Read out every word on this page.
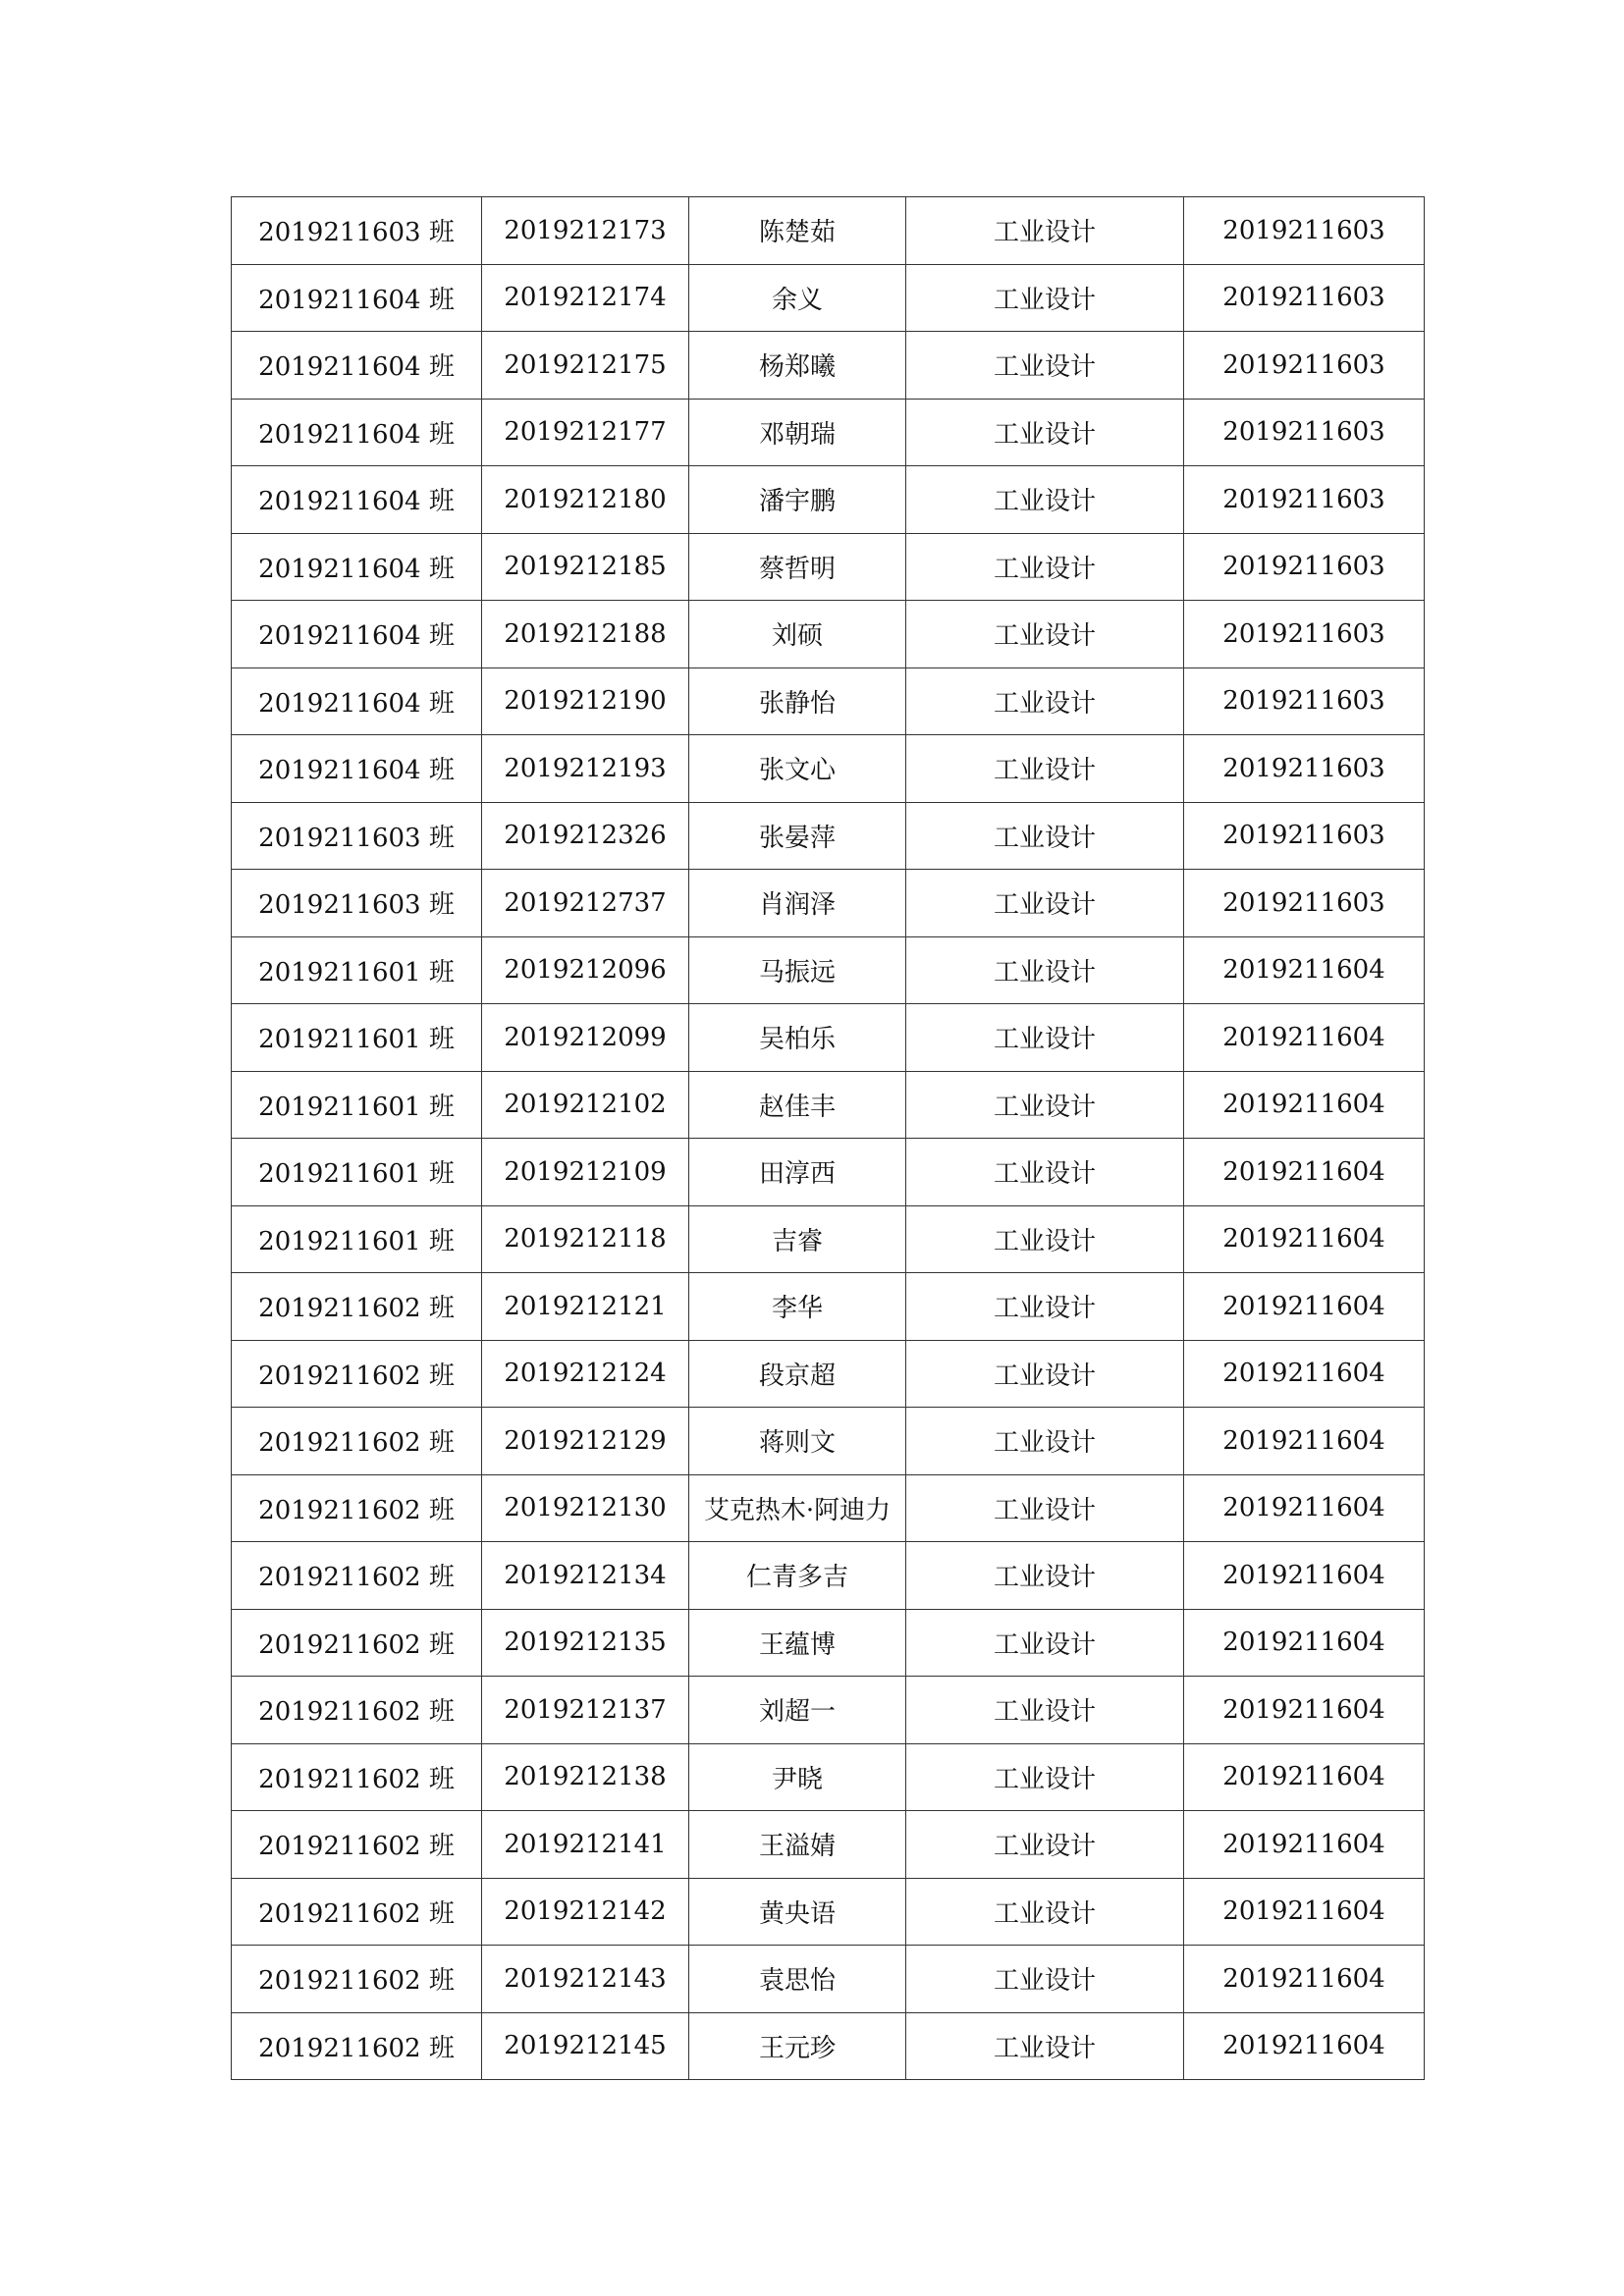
2019211603 班	2019212173	陈楚茹	工业设计	2019211603
2019211604 班	2019212174	余义	工业设计	2019211603
2019211604 班	2019212175	杨郑曦	工业设计	2019211603
2019211604 班	2019212177	邓朝瑞	工业设计	2019211603
2019211604 班	2019212180	潘宇鹏	工业设计	2019211603
2019211604 班	2019212185	蔡哲明	工业设计	2019211603
2019211604 班	2019212188	刘硕	工业设计	2019211603
2019211604 班	2019212190	张静怡	工业设计	2019211603
2019211604 班	2019212193	张文心	工业设计	2019211603
2019211603 班	2019212326	张晏萍	工业设计	2019211603
2019211603 班	2019212737	肖润泽	工业设计	2019211603
2019211601 班	2019212096	马振远	工业设计	2019211604
2019211601 班	2019212099	吴柏乐	工业设计	2019211604
2019211601 班	2019212102	赵佳丰	工业设计	2019211604
2019211601 班	2019212109	田淳西	工业设计	2019211604
2019211601 班	2019212118	吉睿	工业设计	2019211604
2019211602 班	2019212121	李华	工业设计	2019211604
2019211602 班	2019212124	段京超	工业设计	2019211604
2019211602 班	2019212129	蒋则文	工业设计	2019211604
2019211602 班	2019212130	艾克热木·阿迪力	工业设计	2019211604
2019211602 班	2019212134	仁青多吉	工业设计	2019211604
2019211602 班	2019212135	王蕴博	工业设计	2019211604
2019211602 班	2019212137	刘超一	工业设计	2019211604
2019211602 班	2019212138	尹晓	工业设计	2019211604
2019211602 班	2019212141	王溢婧	工业设计	2019211604
2019211602 班	2019212142	黄央语	工业设计	2019211604
2019211602 班	2019212143	袁思怡	工业设计	2019211604
2019211602 班	2019212145	王元珍	工业设计	2019211604
